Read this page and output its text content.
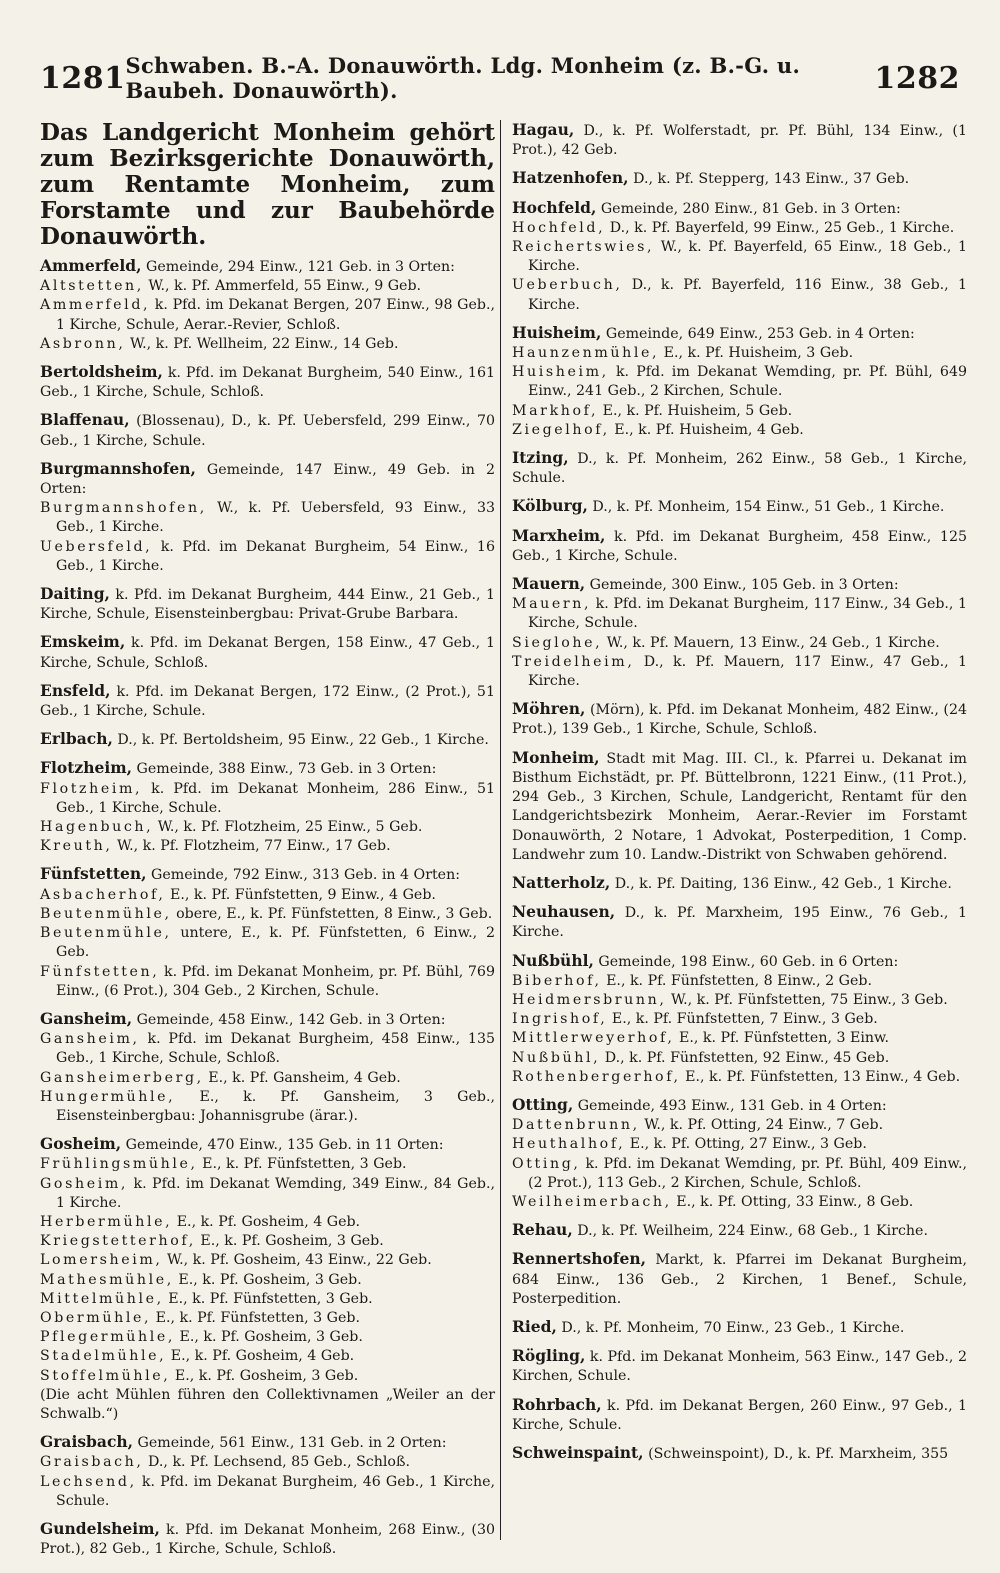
1281 Schwaben. B.-A. Donauwörth. Ldg. Monheim (z. B.-G. u. Baubeh. Donauwörth).	1282

Das Landgericht Monheim gehört zum Bezirksgerichte Donauwörth, zum Rentamte Monheim, zum Forstamte und zur Baubehörde Donauwörth.

Ammerfeld, Gemeinde, 294 Einw., 121 Geb. in 3 Orten:

Altstetten, W., k. Pf. Ammerfeld, 55 Einw., 9 Geb.

Ammerfeld, k. Pfd. im Dekanat Bergen, 207 Einw., 98 Geb., 1 Kirche, Schule, Aerar.-Revier, Schloß.

Asbronn, W., k. Pf. Wellheim, 22 Einw., 14 Geb.

Bertoldsheim, k. Pfd. im Dekanat Burgheim, 540 Einw., 161 Geb., 1 Kirche, Schule, Schloß.

Blaffenau, (Blossenau), D., k. Pf. Uebersfeld, 299 Einw., 70 Geb., 1 Kirche, Schule.

Burgmannshofen, Gemeinde, 147 Einw., 49 Geb. in 2 Orten:

Burgmannshofen, W., k. Pf. Uebersfeld, 93 Einw., 33 Geb., 1 Kirche.

Uebersfeld, k. Pfd. im Dekanat Burgheim, 54 Einw., 16 Geb., 1 Kirche.

Daiting, k. Pfd. im Dekanat Burgheim, 444 Einw., 21 Geb., 1 Kirche, Schule, Eisensteinbergbau: Privat-Grube Barbara.

Emskeim, k. Pfd. im Dekanat Bergen, 158 Einw., 47 Geb., 1 Kirche, Schule, Schloß.

Ensfeld, k. Pfd. im Dekanat Bergen, 172 Einw., (2 Prot.), 51 Geb., 1 Kirche, Schule.

Erlbach, D., k. Pf. Bertoldsheim, 95 Einw., 22 Geb., 1 Kirche.

Flotzheim, Gemeinde, 388 Einw., 73 Geb. in 3 Orten:

Flotzheim, k. Pfd. im Dekanat Monheim, 286 Einw., 51 Geb., 1 Kirche, Schule.

Hagenbuch, W., k. Pf. Flotzheim, 25 Einw., 5 Geb.

Kreuth, W., k. Pf. Flotzheim, 77 Einw., 17 Geb.

Fünfstetten, Gemeinde, 792 Einw., 313 Geb. in 4 Orten:

Asbacherhof, E., k. Pf. Fünfstetten, 9 Einw., 4 Geb.

Beutenmühle, obere, E., k. Pf. Fünfstetten, 8 Einw., 3 Geb.

Beutenmühle, untere, E., k. Pf. Fünfstetten, 6 Einw., 2 Geb.

Fünfstetten, k. Pfd. im Dekanat Monheim, pr. Pf. Bühl, 769 Einw., (6 Prot.), 304 Geb., 2 Kirchen, Schule.

Gansheim, Gemeinde, 458 Einw., 142 Geb. in 3 Orten:

Gansheim, k. Pfd. im Dekanat Burgheim, 458 Einw., 135 Geb., 1 Kirche, Schule, Schloß.

Gansheimerberg, E., k. Pf. Gansheim, 4 Geb.

Hungermühle, E., k. Pf. Gansheim, 3 Geb., Eisensteinbergbau: Johannisgrube (ärar.).

Gosheim, Gemeinde, 470 Einw., 135 Geb. in 11 Orten:

Frühlingsmühle, E., k. Pf. Fünfstetten, 3 Geb.

Gosheim, k. Pfd. im Dekanat Wemding, 349 Einw., 84 Geb., 1 Kirche.

Herbermühle, E., k. Pf. Gosheim, 4 Geb.

Kriegstetterhof, E., k. Pf. Gosheim, 3 Geb.

Lomersheim, W., k. Pf. Gosheim, 43 Einw., 22 Geb.

Mathesmühle, E., k. Pf. Gosheim, 3 Geb.

Mittelmühle, E., k. Pf. Fünfstetten, 3 Geb.

Obermühle, E., k. Pf. Fünfstetten, 3 Geb.

Pflegermühle, E., k. Pf. Gosheim, 3 Geb.

Stadelmühle, E., k. Pf. Gosheim, 4 Geb.

Stoffelmühle, E., k. Pf. Gosheim, 3 Geb.

(Die acht Mühlen führen den Collektivnamen „Weiler an der Schwalb.“)

Graisbach, Gemeinde, 561 Einw., 131 Geb. in 2 Orten:

Graisbach, D., k. Pf. Lechsend, 85 Geb., Schloß.

Lechsend, k. Pfd. im Dekanat Burgheim, 46 Geb., 1 Kirche, Schule.

Gundelsheim, k. Pfd. im Dekanat Monheim, 268 Einw., (30 Prot.), 82 Geb., 1 Kirche, Schule, Schloß.

Hagau, D., k. Pf. Wolferstadt, pr. Pf. Bühl, 134 Einw., (1 Prot.), 42 Geb.

Hatzenhofen, D., k. Pf. Stepperg, 143 Einw., 37 Geb.

Hochfeld, Gemeinde, 280 Einw., 81 Geb. in 3 Orten:

Hochfeld, D., k. Pf. Bayerfeld, 99 Einw., 25 Geb., 1 Kirche.

Reichertswies, W., k. Pf. Bayerfeld, 65 Einw., 18 Geb., 1 Kirche.

Ueberbuch, D., k. Pf. Bayerfeld, 116 Einw., 38 Geb., 1 Kirche.

Huisheim, Gemeinde, 649 Einw., 253 Geb. in 4 Orten:

Haunzenmühle, E., k. Pf. Huisheim, 3 Geb.

Huisheim, k. Pfd. im Dekanat Wemding, pr. Pf. Bühl, 649 Einw., 241 Geb., 2 Kirchen, Schule.

Markhof, E., k. Pf. Huisheim, 5 Geb.

Ziegelhof, E., k. Pf. Huisheim, 4 Geb.

Itzing, D., k. Pf. Monheim, 262 Einw., 58 Geb., 1 Kirche, Schule.

Kölburg, D., k. Pf. Monheim, 154 Einw., 51 Geb., 1 Kirche.

Marxheim, k. Pfd. im Dekanat Burgheim, 458 Einw., 125 Geb., 1 Kirche, Schule.

Mauern, Gemeinde, 300 Einw., 105 Geb. in 3 Orten:

Mauern, k. Pfd. im Dekanat Burgheim, 117 Einw., 34 Geb., 1 Kirche, Schule.

Sieglohe, W., k. Pf. Mauern, 13 Einw., 24 Geb., 1 Kirche.

Treidelheim, D., k. Pf. Mauern, 117 Einw., 47 Geb., 1 Kirche.

Möhren, (Mörn), k. Pfd. im Dekanat Monheim, 482 Einw., (24 Prot.), 139 Geb., 1 Kirche, Schule, Schloß.

Monheim, Stadt mit Mag. III. Cl., k. Pfarrei u. Dekanat im Bisthum Eichstädt, pr. Pf. Büttelbronn, 1221 Einw., (11 Prot.), 294 Geb., 3 Kirchen, Schule, Landgericht, Rentamt für den Landgerichtsbezirk Monheim, Aerar.-Revier im Forstamt Donauwörth, 2 Notare, 1 Advokat, Posterpedition, 1 Comp. Landwehr zum 10. Landw.-Distrikt von Schwaben gehörend.

Natterholz, D., k. Pf. Daiting, 136 Einw., 42 Geb., 1 Kirche.

Neuhausen, D., k. Pf. Marxheim, 195 Einw., 76 Geb., 1 Kirche.

Nußbühl, Gemeinde, 198 Einw., 60 Geb. in 6 Orten:

Biberhof, E., k. Pf. Fünfstetten, 8 Einw., 2 Geb.

Heidmersbrunn, W., k. Pf. Fünfstetten, 75 Einw., 3 Geb.

Ingrishof, E., k. Pf. Fünfstetten, 7 Einw., 3 Geb.

Mittlerweyerhof, E., k. Pf. Fünfstetten, 3 Einw.

Nußbühl, D., k. Pf. Fünfstetten, 92 Einw., 45 Geb.

Rothenbergerhof, E., k. Pf. Fünfstetten, 13 Einw., 4 Geb.

Otting, Gemeinde, 493 Einw., 131 Geb. in 4 Orten:

Dattenbrunn, W., k. Pf. Otting, 24 Einw., 7 Geb.

Heuthalhof, E., k. Pf. Otting, 27 Einw., 3 Geb.

Otting, k. Pfd. im Dekanat Wemding, pr. Pf. Bühl, 409 Einw., (2 Prot.), 113 Geb., 2 Kirchen, Schule, Schloß.

Weilheimerbach, E., k. Pf. Otting, 33 Einw., 8 Geb.

Rehau, D., k. Pf. Weilheim, 224 Einw., 68 Geb., 1 Kirche.

Rennertshofen, Markt, k. Pfarrei im Dekanat Burgheim, 684 Einw., 136 Geb., 2 Kirchen, 1 Benef., Schule, Posterpedition.

Ried, D., k. Pf. Monheim, 70 Einw., 23 Geb., 1 Kirche.

Rögling, k. Pfd. im Dekanat Monheim, 563 Einw., 147 Geb., 2 Kirchen, Schule.

Rohrbach, k. Pfd. im Dekanat Bergen, 260 Einw., 97 Geb., 1 Kirche, Schule.

Schweinspaint, (Schweinspoint), D., k. Pf. Marxheim, 355
